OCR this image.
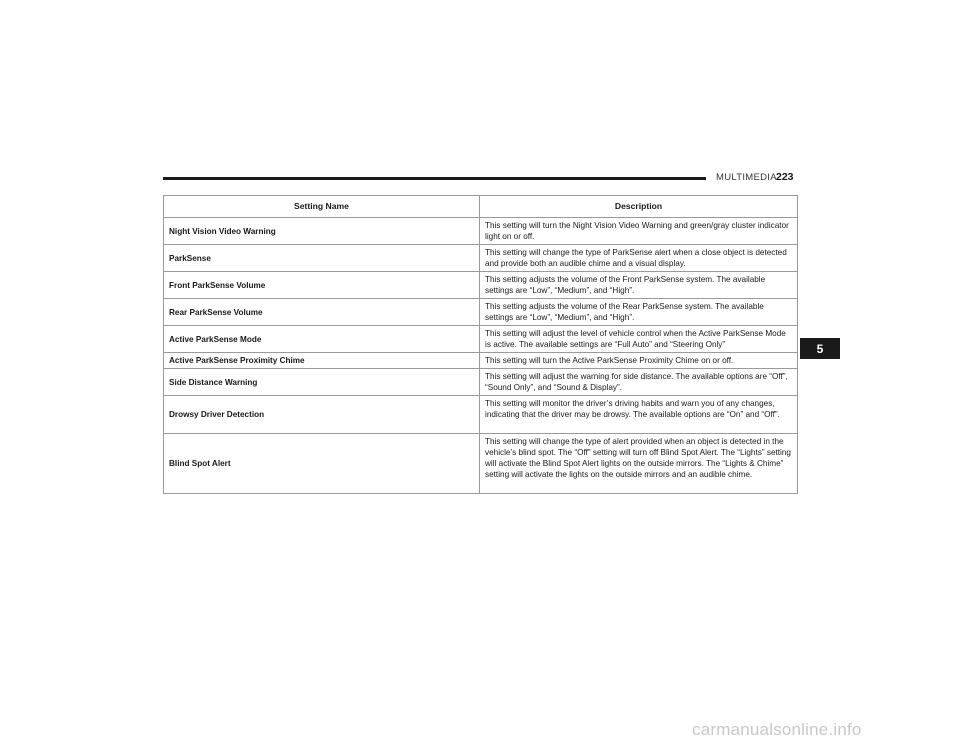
MULTIMEDIA 223
Setting Name	Description
Night Vision Video Warning	This setting will turn the Night Vision Video Warning and green/gray cluster indicator light on or off.
ParkSense	This setting will change the type of ParkSense alert when a close object is detected and provide both an audible chime and a visual display.
Front ParkSense Volume	This setting adjusts the volume of the Front ParkSense system. The available settings are “Low”, “Medium”, and “High”.
Rear ParkSense Volume	This setting adjusts the volume of the Rear ParkSense system. The available settings are “Low”, “Medium”, and “High”.
Active ParkSense Mode	This setting will adjust the level of vehicle control when the Active ParkSense Mode is active. The available settings are “Full Auto” and “Steering Only”
Active ParkSense Proximity Chime	This setting will turn the Active ParkSense Proximity Chime on or off.
Side Distance Warning	This setting will adjust the warning for side distance. The available options are “Off”, “Sound Only”, and “Sound & Display”.
Drowsy Driver Detection	This setting will monitor the driver’s driving habits and warn you of any changes, indicating that the driver may be drowsy. The available options are “On” and “Off”.
Blind Spot Alert	This setting will change the type of alert provided when an object is detected in the vehicle’s blind spot. The “Off” setting will turn off Blind Spot Alert. The “Lights” setting will activate the Blind Spot Alert lights on the outside mirrors. The “Lights & Chime” setting will activate the lights on the outside mirrors and an audible chime.
5
carmanualsonline.info
